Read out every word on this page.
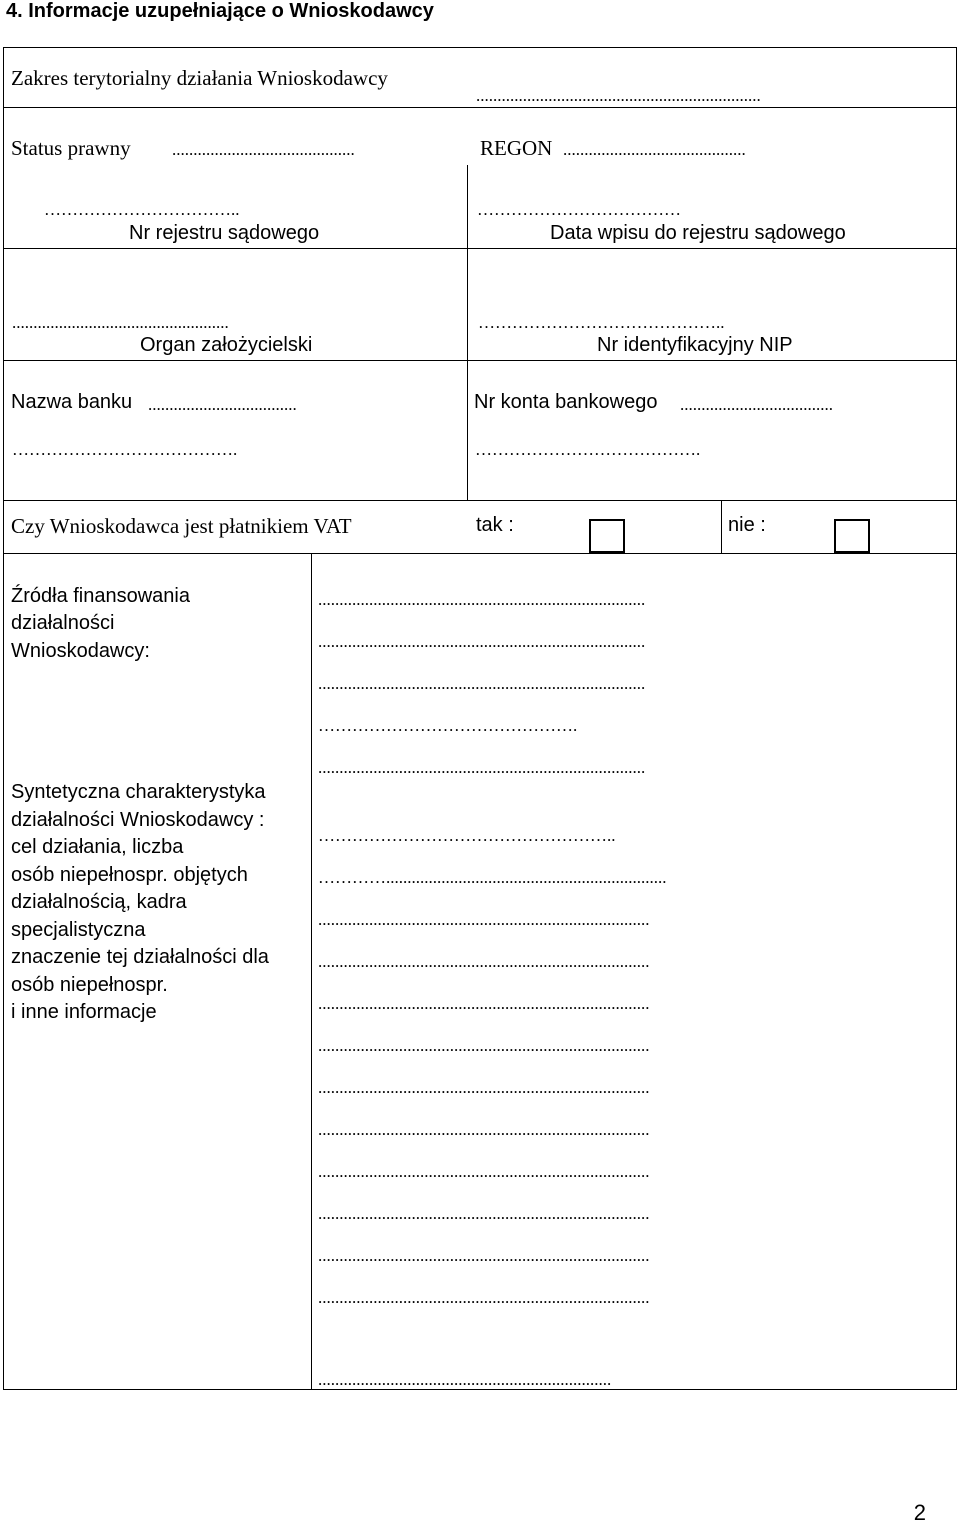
4. Informacje uzupełniające o Wnioskodawcy
Zakres terytorialny działania Wnioskodawcy
...................................................................
Status prawny ...........................................	REGON ...........................................
……………………………..
Nr rejestru sądowego
………………………………
Data wpisu do rejestru sądowego
...................................................
Organ założycielski
……………………………………..
Nr identyfikacyjny NIP
Nazwa banku ...................................
………………………………….
Nr konta bankowego ....................................
………………………………….
Czy Wnioskodawca jest płatnikiem VAT	tak :	nie :
Źródła finansowania
działalności
Wnioskodawcy:
.............................................................................
.............................................................................
.............................................................................
……………………………………….
.............................................................................
Syntetyczna charakterystyka
działalności Wnioskodawcy :
cel działania, liczba
osób niepełnospr. objętych
działalnością, kadra
specjalistyczna
znaczenie tej działalności dla
osób niepełnospr.
i inne informacje
……………………………………………..
…………..................................................................
..............................................................................
..............................................................................
..............................................................................
..............................................................................
..............................................................................
..............................................................................
..............................................................................
..............................................................................
..............................................................................
..............................................................................
.....................................................................
2
